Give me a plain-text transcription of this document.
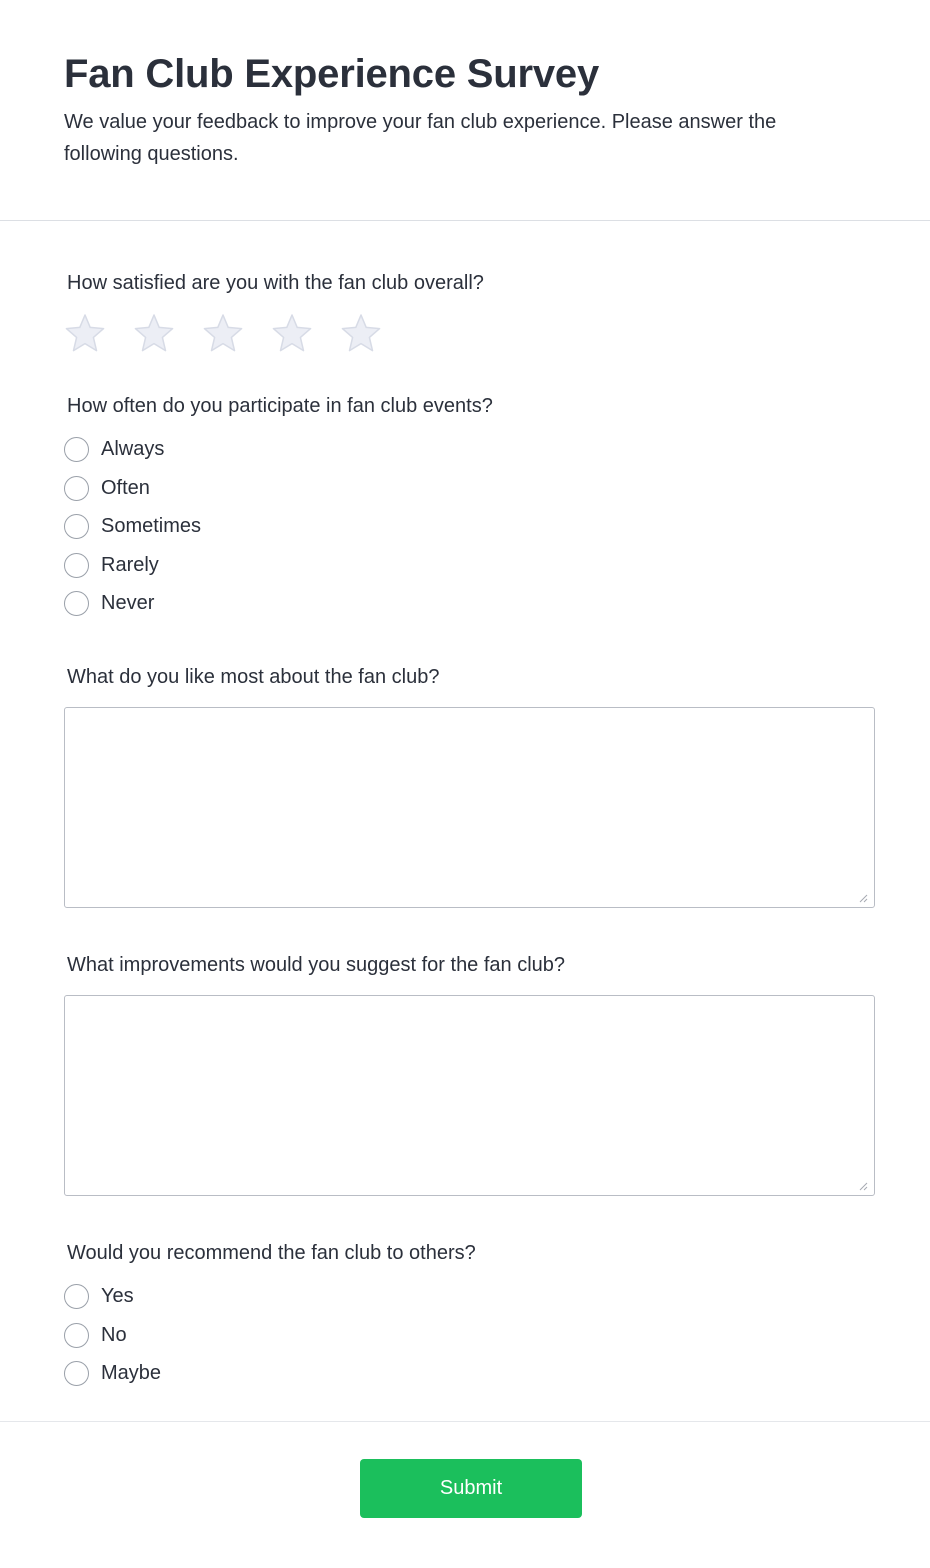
Fan Club Experience Survey

We value your feedback to improve your fan club experience. Please answer the following questions.

How satisfied are you with the fan club overall?
How often do you participate in fan club events?
Always
Often
Sometimes
Rarely
Never
What do you like most about the fan club?
What improvements would you suggest for the fan club?
Would you recommend the fan club to others?
Yes
No
Maybe
Submit
